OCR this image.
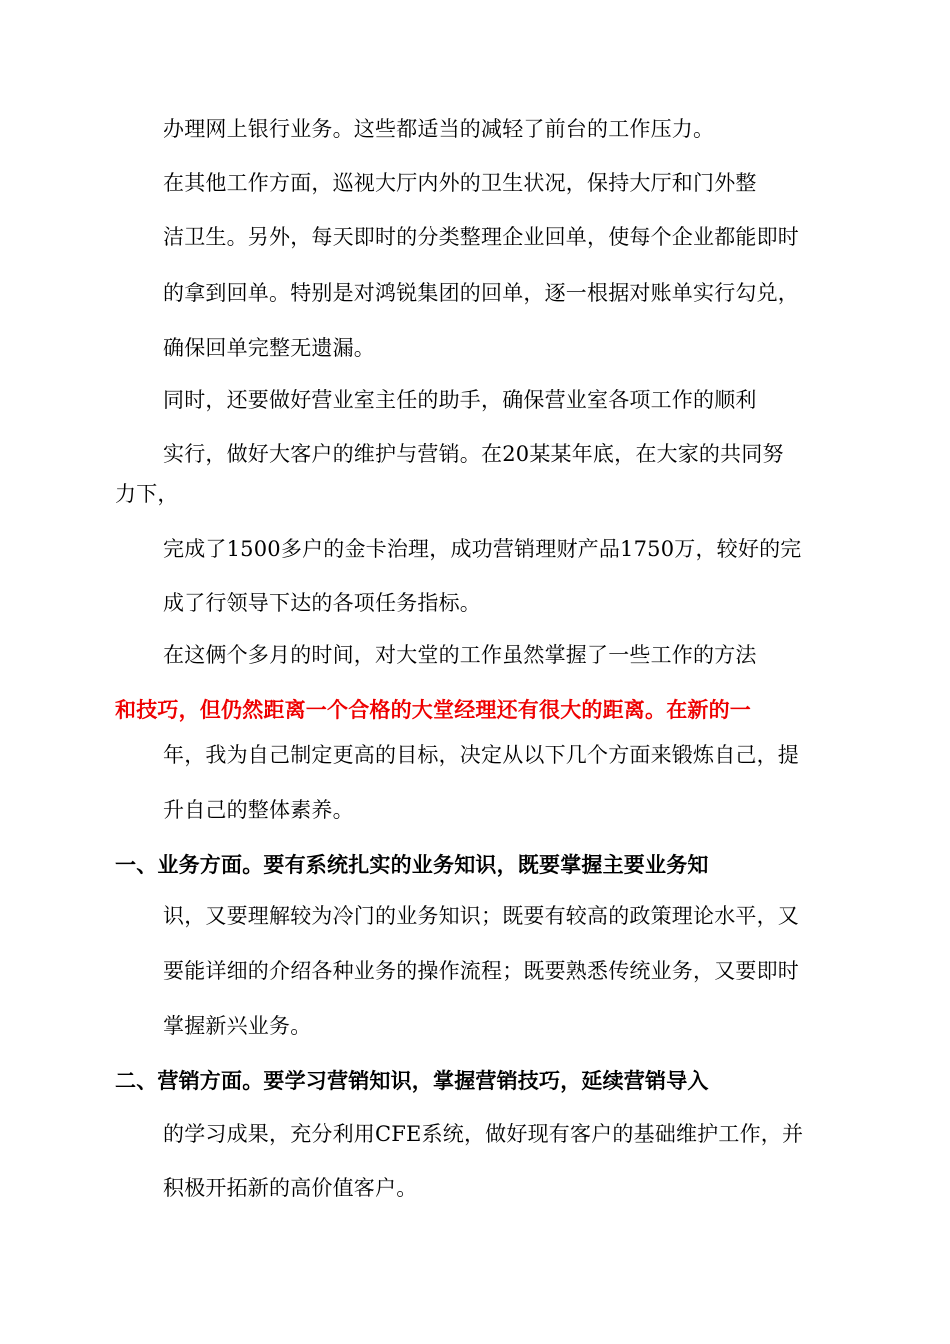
办理网上银行业务。这些都适当的减轻了前台的工作压力。
在其他工作方面，巡视大厅内外的卫生状况，保持大厅和门外整
洁卫生。另外，每天即时的分类整理企业回单，使每个企业都能即时
的拿到回单。特别是对鸿锐集团的回单，逐一根据对账单实行勾兑，
确保回单完整无遗漏。
同时，还要做好营业室主任的助手，确保营业室各项工作的顺利
实行，做好大客户的维护与营销。在20某某年底，在大家的共同努
力下，
完成了1500多户的金卡治理，成功营销理财产品1750万，较好的完
成了行领导下达的各项任务指标。
在这俩个多月的时间，对大堂的工作虽然掌握了一些工作的方法
和技巧，但仍然距离一个合格的大堂经理还有很大的距离。在新的一
年，我为自己制定更高的目标，决定从以下几个方面来锻炼自己，提
升自己的整体素养。
一、业务方面。要有系统扎实的业务知识，既要掌握主要业务知
识，又要理解较为冷门的业务知识；既要有较高的政策理论水平，又
要能详细的介绍各种业务的操作流程；既要熟悉传统业务，又要即时
掌握新兴业务。
二、营销方面。要学习营销知识，掌握营销技巧，延续营销导入
的学习成果，充分利用CFE系统，做好现有客户的基础维护工作，并
积极开拓新的高价值客户。
